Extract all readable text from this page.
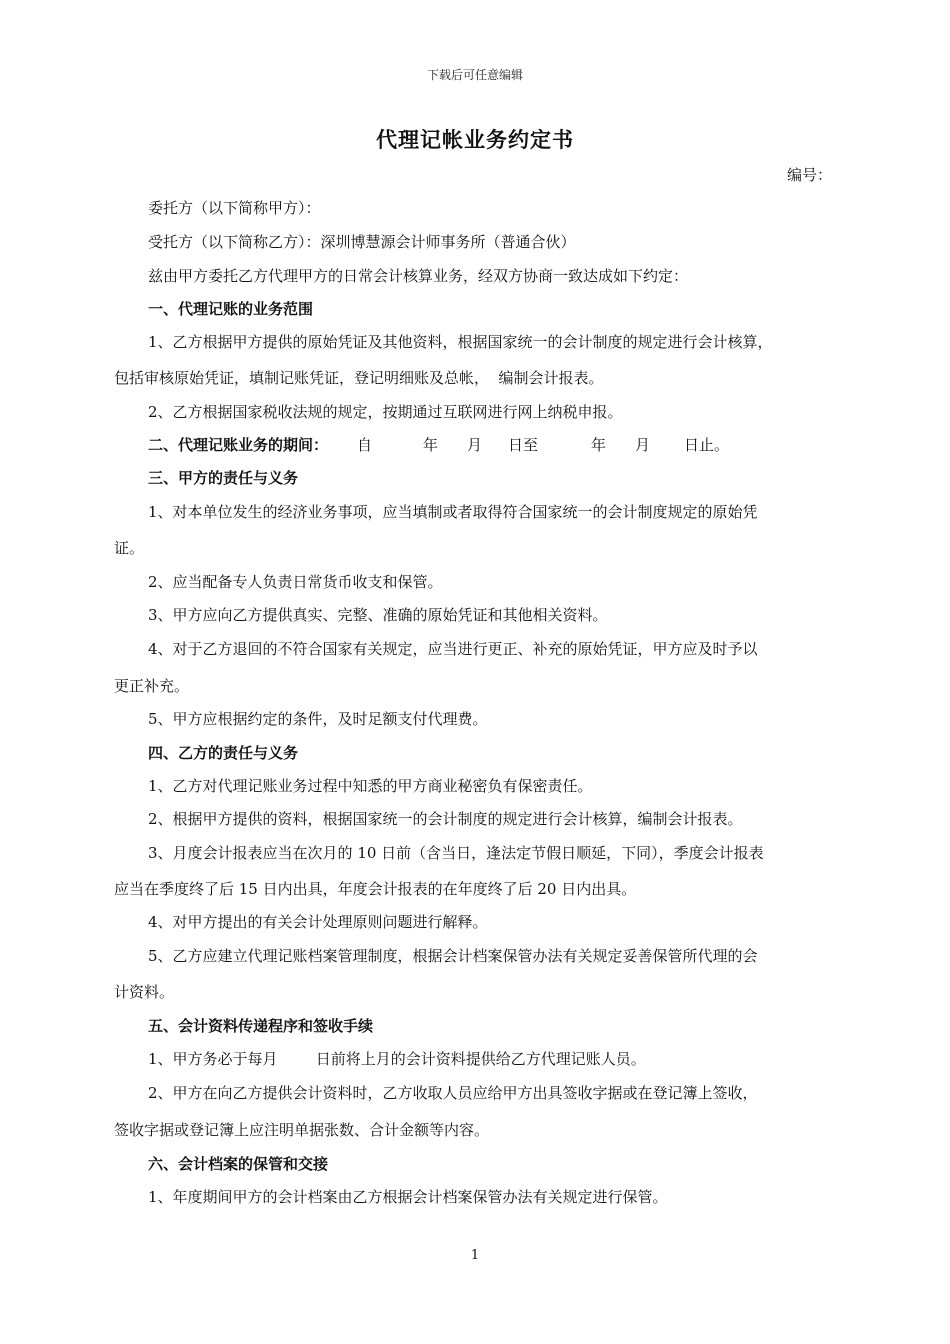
下载后可任意编辑
代理记帐业务约定书
编号：
委托方（以下简称甲方）：
受托方（以下简称乙方）：深圳博慧源会计师事务所（普通合伙）
兹由甲方委托乙方代理甲方的日常会计核算业务，经双方协商一致达成如下约定：
一、代理记账的业务范围
1、乙方根据甲方提供的原始凭证及其他资料，根据国家统一的会计制度的规定进行会计核算，
包括审核原始凭证，填制记账凭证，登记明细账及总帐，  编制会计报表。
2、乙方根据国家税收法规的规定，按期通过互联网进行网上纳税申报。
二、代理记账业务的期间： 自	年 月 日至	年 月 日止。
三、甲方的责任与义务
1、对本单位发生的经济业务事项，应当填制或者取得符合国家统一的会计制度规定的原始凭
证。
2、应当配备专人负责日常货币收支和保管。
3、甲方应向乙方提供真实、完整、准确的原始凭证和其他相关资料。
4、对于乙方退回的不符合国家有关规定，应当进行更正、补充的原始凭证，甲方应及时予以
更正补充。
5、甲方应根据约定的条件，及时足额支付代理费。
四、乙方的责任与义务
1、乙方对代理记账业务过程中知悉的甲方商业秘密负有保密责任。
2、根据甲方提供的资料，根据国家统一的会计制度的规定进行会计核算，编制会计报表。
3、月度会计报表应当在次月的 10 日前（含当日，逢法定节假日顺延，下同），季度会计报表
应当在季度终了后 15 日内出具，年度会计报表的在年度终了后 20 日内出具。
4、对甲方提出的有关会计处理原则问题进行解释。
5、乙方应建立代理记账档案管理制度，根据会计档案保管办法有关规定妥善保管所代理的会
计资料。
五、会计资料传递程序和签收手续
1、甲方务必于每月        日前将上月的会计资料提供给乙方代理记账人员。
2、甲方在向乙方提供会计资料时，乙方收取人员应给甲方出具签收字据或在登记簿上签收，
签收字据或登记簿上应注明单据张数、合计金额等内容。
六、会计档案的保管和交接
1、年度期间甲方的会计档案由乙方根据会计档案保管办法有关规定进行保管。
1
